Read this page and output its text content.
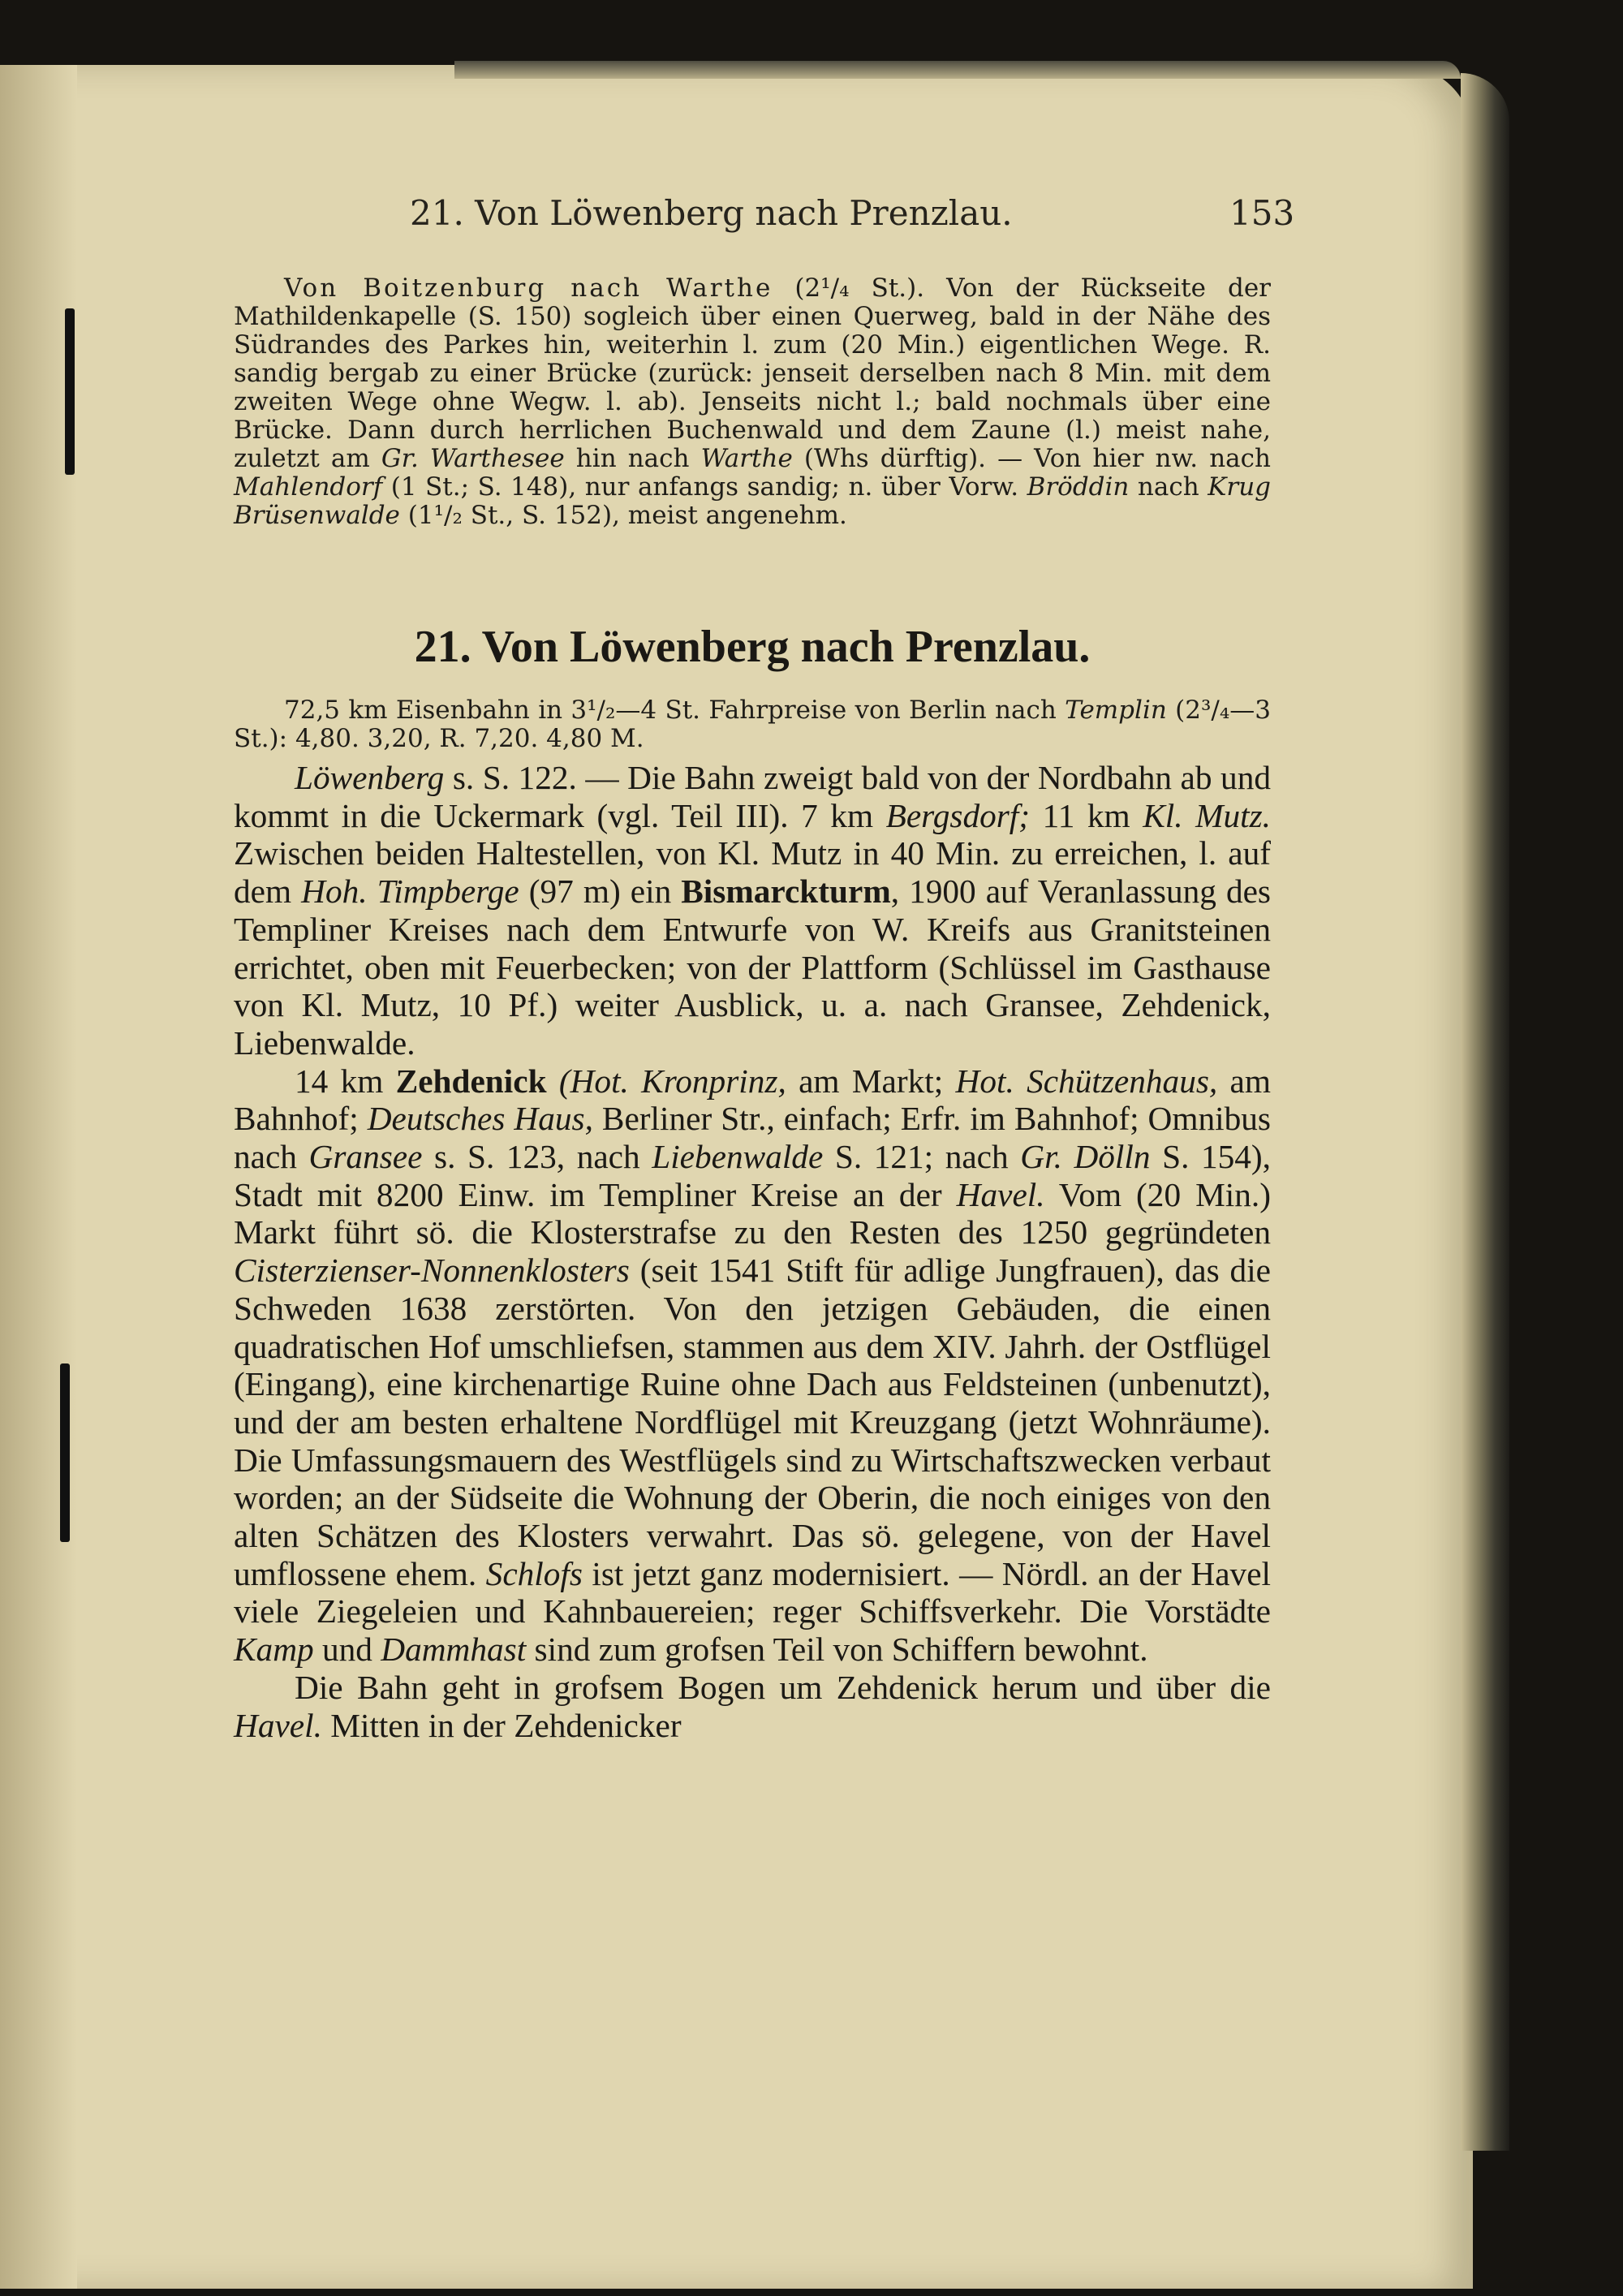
21. Von Löwenberg nach Prenzlau.	153

Von Boitzenburg nach Warthe (2¹/₄ St.). Von der Rückseite der Mathildenkapelle (S. 150) sogleich über einen Querweg, bald in der Nähe des Südrandes des Parkes hin, weiterhin l. zum (20 Min.) eigentlichen Wege. R. sandig bergab zu einer Brücke (zurück: jenseit derselben nach 8 Min. mit dem zweiten Wege ohne Wegw. l. ab). Jenseits nicht l.; bald nochmals über eine Brücke. Dann durch herrlichen Buchenwald und dem Zaune (l.) meist nahe, zuletzt am Gr. Warthesee hin nach Warthe (Whs dürftig). — Von hier nw. nach Mahlendorf (1 St.; S. 148), nur anfangs sandig; n. über Vorw. Bröddin nach Krug Brüsenwalde (1¹/₂ St., S. 152), meist angenehm.

21. Von Löwenberg nach Prenzlau.

72,5 km Eisenbahn in 3¹/₂—4 St. Fahrpreise von Berlin nach Templin (2³/₄—3 St.): 4,80. 3,20, R. 7,20. 4,80 M.

Löwenberg s. S. 122. — Die Bahn zweigt bald von der Nordbahn ab und kommt in die Uckermark (vgl. Teil III). 7 km Bergsdorf; 11 km Kl. Mutz. Zwischen beiden Haltestellen, von Kl. Mutz in 40 Min. zu erreichen, l. auf dem Hoh. Timpberge (97 m) ein Bismarckturm, 1900 auf Veranlassung des Templiner Kreises nach dem Entwurfe von W. Kreifs aus Granitsteinen errichtet, oben mit Feuerbecken; von der Plattform (Schlüssel im Gasthause von Kl. Mutz, 10 Pf.) weiter Ausblick, u. a. nach Gransee, Zehdenick, Liebenwalde.

14 km Zehdenick (Hot. Kronprinz, am Markt; Hot. Schützenhaus, am Bahnhof; Deutsches Haus, Berliner Str., einfach; Erfr. im Bahnhof; Omnibus nach Gransee s. S. 123, nach Liebenwalde S. 121; nach Gr. Dölln S. 154), Stadt mit 8200 Einw. im Templiner Kreise an der Havel. Vom (20 Min.) Markt führt sö. die Klosterstrafse zu den Resten des 1250 gegründeten Cisterzienser-Nonnenklosters (seit 1541 Stift für adlige Jungfrauen), das die Schweden 1638 zerstörten. Von den jetzigen Gebäuden, die einen quadratischen Hof umschliefsen, stammen aus dem XIV. Jahrh. der Ostflügel (Eingang), eine kirchenartige Ruine ohne Dach aus Feldsteinen (unbenutzt), und der am besten erhaltene Nordflügel mit Kreuzgang (jetzt Wohnräume). Die Umfassungsmauern des Westflügels sind zu Wirtschaftszwecken verbaut worden; an der Südseite die Wohnung der Oberin, die noch einiges von den alten Schätzen des Klosters verwahrt. Das sö. gelegene, von der Havel umflossene ehem. Schlofs ist jetzt ganz modernisiert. — Nördl. an der Havel viele Ziegeleien und Kahnbauereien; reger Schiffsverkehr. Die Vorstädte Kamp und Dammhast sind zum grofsen Teil von Schiffern bewohnt.

Die Bahn geht in grofsem Bogen um Zehdenick herum und über die Havel. Mitten in der Zehdenicker
